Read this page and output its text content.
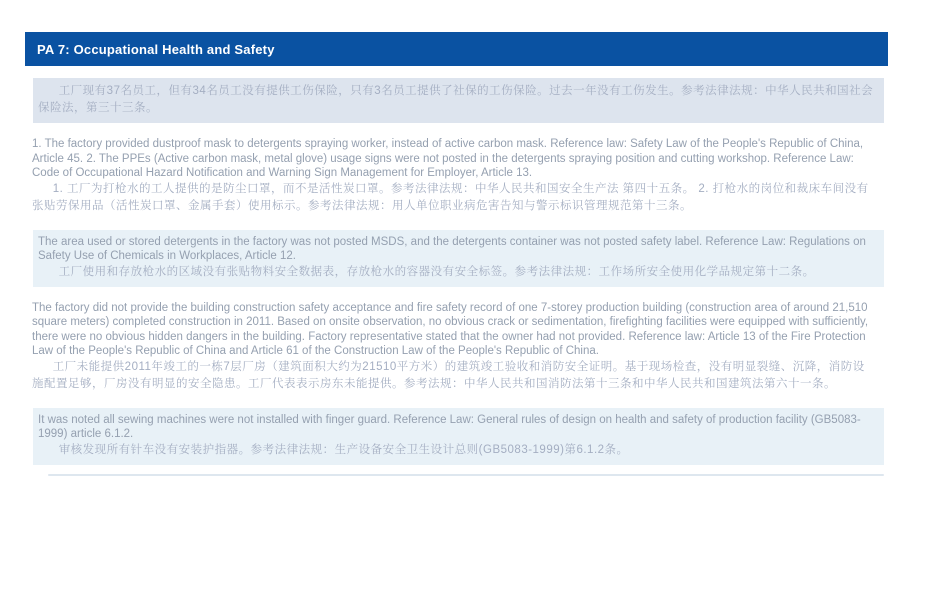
PA 7: Occupational Health and Safety

工厂现有37名员工，但有34名员工没有提供工伤保险，只有3名员工提供了社保的工伤保险。过去一年没有工伤发生。参考法律法规：中华人民共和国社会保险法，第三十三条。

1. The factory provided dustproof mask to detergents spraying worker, instead of active carbon mask. Reference law: Safety Law of the People's Republic of China, Article 45. 2. The PPEs (Active carbon mask, metal glove) usage signs were not posted in the detergents spraying position and cutting workshop. Reference Law: Code of Occupational Hazard Notification and Warning Sign Management for Employer, Article 13.

1. 工厂为打枪水的工人提供的是防尘口罩，而不是活性炭口罩。参考法律法规：中华人民共和国安全生产法 第四十五条。 2. 打枪水的岗位和裁床车间没有张贴劳保用品（活性炭口罩、金属手套）使用标示。参考法律法规：用人单位职业病危害告知与警示标识管理规范第十三条。

The area used or stored detergents in the factory was not posted MSDS, and the detergents container was not posted safety label. Reference Law: Regulations on Safety Use of Chemicals in Workplaces, Article 12.

工厂使用和存放枪水的区域没有张贴物料安全数据表，存放枪水的容器没有安全标签。参考法律法规：工作场所安全使用化学品规定第十二条。

The factory did not provide the building construction safety acceptance and fire safety record of one 7-storey production building (construction area of around 21,510 square meters) completed construction in 2011. Based on onsite observation, no obvious crack or sedimentation, firefighting facilities were equipped with sufficiently, there were no obvious hidden dangers in the building. Factory representative stated that the owner had not provided. Reference law: Article 13 of the Fire Protection Law of the People's Republic of China and Article 61 of the Construction Law of the People's Republic of China.

工厂未能提供2011年竣工的一栋7层厂房（建筑面积大约为21510平方米）的建筑竣工验收和消防安全证明。基于现场检查，没有明显裂缝、沉降，消防设施配置足够，厂房没有明显的安全隐患。工厂代表表示房东未能提供。参考法规：中华人民共和国消防法第十三条和中华人民共和国建筑法第六十一条。

It was noted all sewing machines were not installed with finger guard. Reference Law: General rules of design on health and safety of production facility (GB5083-1999) article 6.1.2.

审核发现所有针车没有安装护指器。参考法律法规：生产设备安全卫生设计总则(GB5083-1999)第6.1.2条。
